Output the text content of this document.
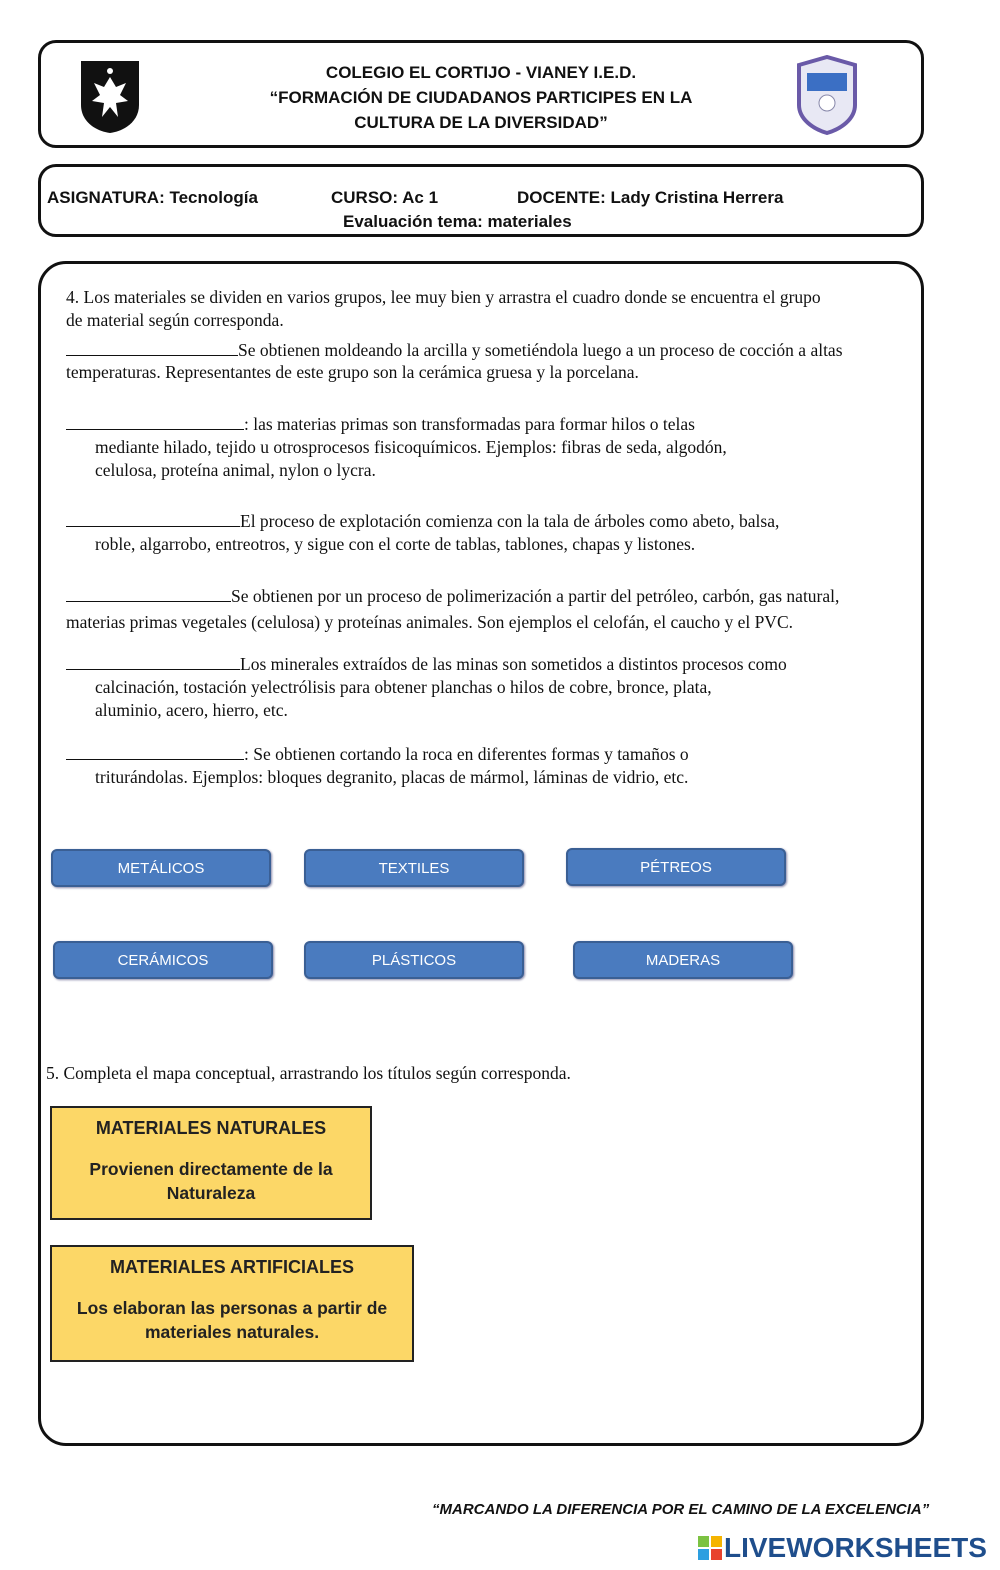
COLEGIO EL CORTIJO - VIANEY I.E.D.
“FORMACIÓN DE CIUDADANOS PARTICIPES EN LA
CULTURA DE LA DIVERSIDAD”
ASIGNATURA: Tecnología	CURSO: Ac 1	DOCENTE: Lady Cristina Herrera
Evaluación tema: materiales
4. Los materiales se dividen en varios grupos, lee muy bien y arrastra el cuadro donde se encuentra el grupo
de material según corresponda.
Se obtienen moldeando la arcilla y sometiéndola luego a un proceso de cocción a altas
temperaturas. Representantes de este grupo son la cerámica gruesa y la porcelana.
: las materias primas son transformadas para formar hilos o telas
mediante hilado, tejido u otrosprocesos fisicoquímicos. Ejemplos: fibras de seda, algodón,
celulosa, proteína animal, nylon o lycra.
El proceso de explotación comienza con la tala de árboles como abeto, balsa,
roble, algarrobo, entreotros, y sigue con el corte de tablas, tablones, chapas y listones.
Se obtienen por un proceso de polimerización a partir del petróleo, carbón, gas natural,
materias primas vegetales (celulosa) y proteínas animales. Son ejemplos el celofán, el caucho y el PVC.
Los minerales extraídos de las minas son sometidos a distintos procesos como
calcinación, tostación yelectrólisis para obtener planchas o hilos de cobre, bronce, plata,
aluminio, acero, hierro, etc.
: Se obtienen cortando la roca en diferentes formas y tamaños o
triturándolas. Ejemplos: bloques degranito, placas de mármol, láminas de vidrio, etc.
METÁLICOS	TEXTILES	PÉTREOS
CERÁMICOS	PLÁSTICOS	MADERAS
5. Completa el mapa conceptual, arrastrando los títulos según corresponda.
MATERIALES NATURALES
Provienen directamente de la
Naturaleza
MATERIALES ARTIFICIALES
Los elaboran las personas a partir de
materiales naturales.
“MARCANDO LA DIFERENCIA POR EL CAMINO DE LA EXCELENCIA”
LIVEWORKSHEETS
